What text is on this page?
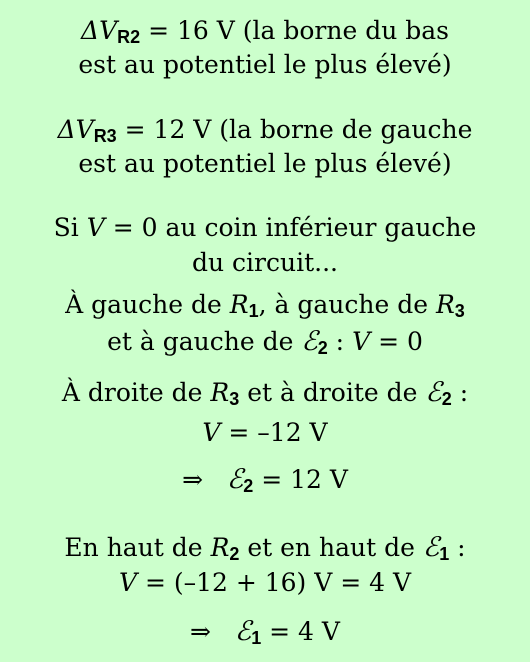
$\Delta V_{R2} = 16$ V (la borne du bas
est au potentiel le plus élevé)
$\Delta V_{R3} = 12$ V (la borne de gauche
est au potentiel le plus élevé)
Si V = 0 au coin inférieur gauche
du circuit...
À gauche de $R_1$, à gauche de $R_3$
et à gauche de ℰ$_2$ : V = 0
À droite de $R_3$ et à droite de ℰ$_2$ :
V = –12 V
⇒ ℰ$_2$ = 12 V
En haut de $R_2$ et en haut de ℰ$_1$ :
V = (–12 + 16) V = 4 V
⇒ ℰ$_1$ = 4 V
